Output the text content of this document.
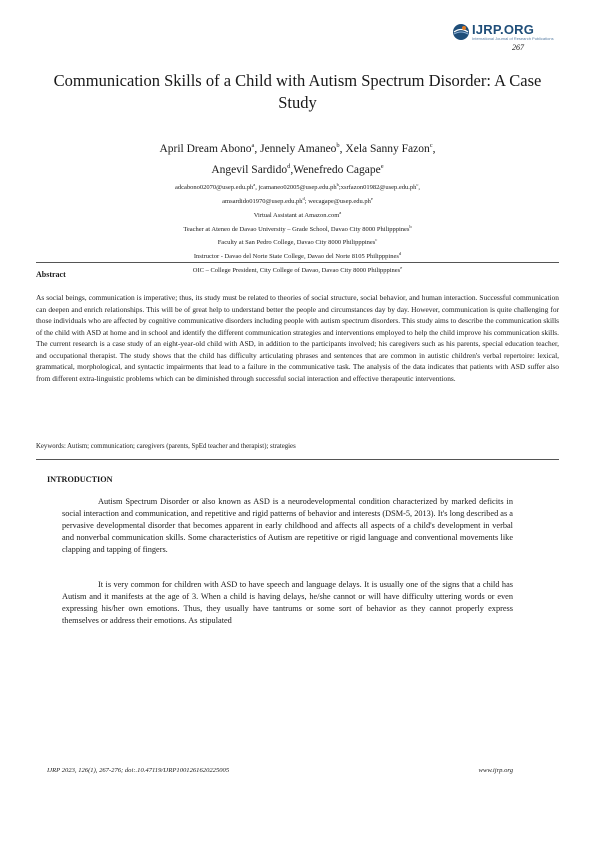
IJRP.ORG
International Journal of Research Publications
267
Communication Skills of a Child with Autism Spectrum Disorder: A Case Study
April Dream Abono$^a$, Jennely Amaneo$^b$, Xela Sanny Fazon$^c$,
Angevil Sardido$^d$,Wenefredo Cagape$^e$
$adcabono02070@usep.edu.ph^a$, $jcamaneo02005@usep.edu.ph^b;xsrfazon01982@usep.edu.ph^c$,
$amsardido01970@usep.edu.ph^d$; $wecagape@usep.edu.ph^e$
Virtual Assistant at Amazon.com$^a$
Teacher at Ateneo de Davao University – Grade School, Davao City 8000 Philipppines$^b$
Faculty at San Pedro College, Davao City 8000 Philipppines$^c$
Instructor - Davao del Norte State College, Davao del Norte 8105 Philipppines$^d$
OIC – College President, City College of Davao, Davao City 8000 Philipppines$^e$
Abstract
As social beings, communication is imperative; thus, its study must be related to theories of social structure, social behavior, and human interaction. Successful communication can deepen and enrich relationships. This will be of great help to understand better the people and circumstances day by day. However, communication is quite challenging for those individuals who are affected by cognitive communicative disorders including people with autism spectrum disorders. This study aims to describe the communication skills of the child with ASD at home and in school and identify the different communication strategies and interventions employed to help the child improve his communication skills. The current research is a case study of an eight-year-old child with ASD, in addition to the participants involved; his caregivers such as his parents, special education teacher, and occupational therapist. The study shows that the child has difficulty articulating phrases and sentences that are common in autistic children's verbal repertoire: lexical, grammatical, morphological, and syntactic impairments that lead to a failure in the communicative task. The analysis of the data indicates that patients with ASD suffer also from different extra-linguistic problems which can be diminished through successful social interaction and effective therapeutic interventions.
Keywords: Autism; communication; caregivers (parents, SpEd teacher and therapist); strategies
INTRODUCTION
Autism Spectrum Disorder or also known as ASD is a neurodevelopmental condition characterized by marked deficits in social interaction and communication, and repetitive and rigid patterns of behavior and interests (DSM-5, 2013). It's long described as a pervasive developmental disorder that becomes apparent in early childhood and affects all aspects of a child's development in verbal and nonverbal communication skills. Some characteristics of Autism are repetitive or rigid language and conventional movements like clapping and tapping of fingers.
It is very common for children with ASD to have speech and language delays. It is usually one of the signs that a child has Autism and it manifests at the age of 3. When a child is having delays, he/she cannot or will have difficulty uttering words or even expressing his/her own emotions. Thus, they usually have tantrums or some sort of behavior as they cannot properly express themselves or address their emotions. As stipulated
IJRP 2023, 126(1), 267-276; doi:.10.47119/IJRP1001261620225005	www.ijrp.org
